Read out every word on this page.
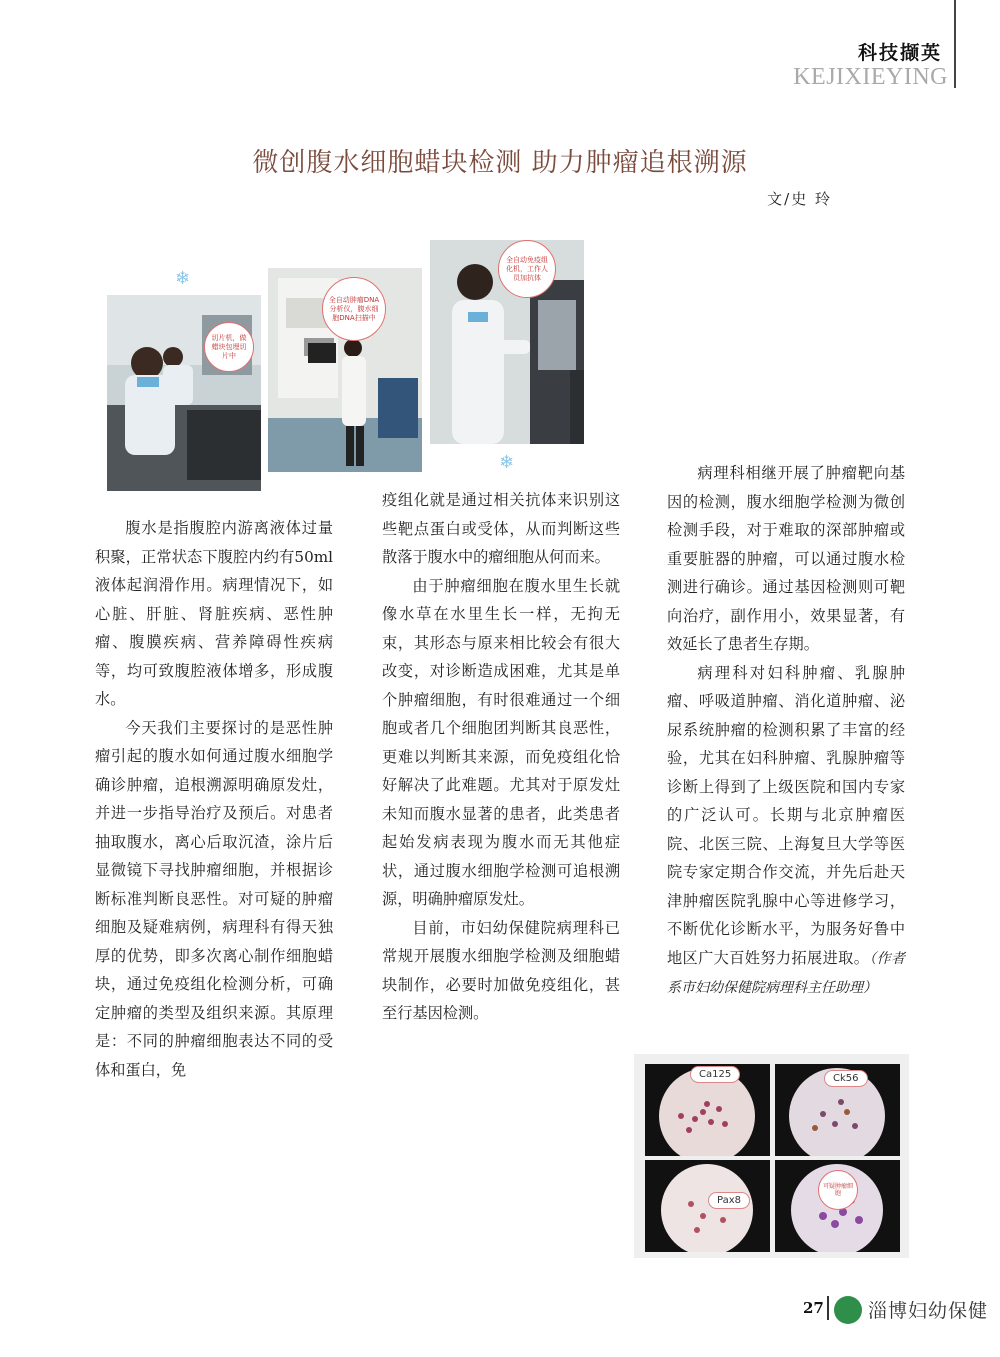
科技撷英
KEJIXIEYING
微创腹水细胞蜡块检测 助力肿瘤追根溯源
文/史 玲
❄
❄
切片机，做蜡块包埋切片中
全自动肿瘤DNA分析仪，腹水细胞DNA扫描中
全自动免疫组化机，工作人员加抗体

腹水是指腹腔内游离液体过量积聚，正常状态下腹腔内约有50ml液体起润滑作用。病理情况下，如心脏、肝脏、肾脏疾病、恶性肿瘤、腹膜疾病、营养障碍性疾病等，均可致腹腔液体增多，形成腹水。

今天我们主要探讨的是恶性肿瘤引起的腹水如何通过腹水细胞学确诊肿瘤，追根溯源明确原发灶，并进一步指导治疗及预后。对患者抽取腹水，离心后取沉渣，涂片后显微镜下寻找肿瘤细胞，并根据诊断标准判断良恶性。对可疑的肿瘤细胞及疑难病例，病理科有得天独厚的优势，即多次离心制作细胞蜡块，通过免疫组化检测分析，可确定肿瘤的类型及组织来源。其原理是：不同的肿瘤细胞表达不同的受体和蛋白，免

疫组化就是通过相关抗体来识别这些靶点蛋白或受体，从而判断这些散落于腹水中的瘤细胞从何而来。

由于肿瘤细胞在腹水里生长就像水草在水里生长一样，无拘无束，其形态与原来相比较会有很大改变，对诊断造成困难，尤其是单个肿瘤细胞，有时很难通过一个细胞或者几个细胞团判断其良恶性，更难以判断其来源，而免疫组化恰好解决了此难题。尤其对于原发灶未知而腹水显著的患者，此类患者起始发病表现为腹水而无其他症状，通过腹水细胞学检测可追根溯源，明确肿瘤原发灶。

目前，市妇幼保健院病理科已常规开展腹水细胞学检测及细胞蜡块制作，必要时加做免疫组化，甚至行基因检测。

病理科相继开展了肿瘤靶向基因的检测，腹水细胞学检测为微创检测手段，对于难取的深部肿瘤或重要脏器的肿瘤，可以通过腹水检测进行确诊。通过基因检测则可靶向治疗，副作用小，效果显著，有效延长了患者生存期。

病理科对妇科肿瘤、乳腺肿瘤、呼吸道肿瘤、消化道肿瘤、泌尿系统肿瘤的检测积累了丰富的经验，尤其在妇科肿瘤、乳腺肿瘤等诊断上得到了上级医院和国内专家的广泛认可。长期与北京肿瘤医院、北医三院、上海复旦大学等医院专家定期合作交流，并先后赴天津肿瘤医院乳腺中心等进修学习，不断优化诊断水平，为服务好鲁中地区广大百姓努力拓展进取。（作者系市妇幼保健院病理科主任助理）

Ca125	Ck56
Pax8
可疑肿瘤细胞
27 淄博妇幼保健
